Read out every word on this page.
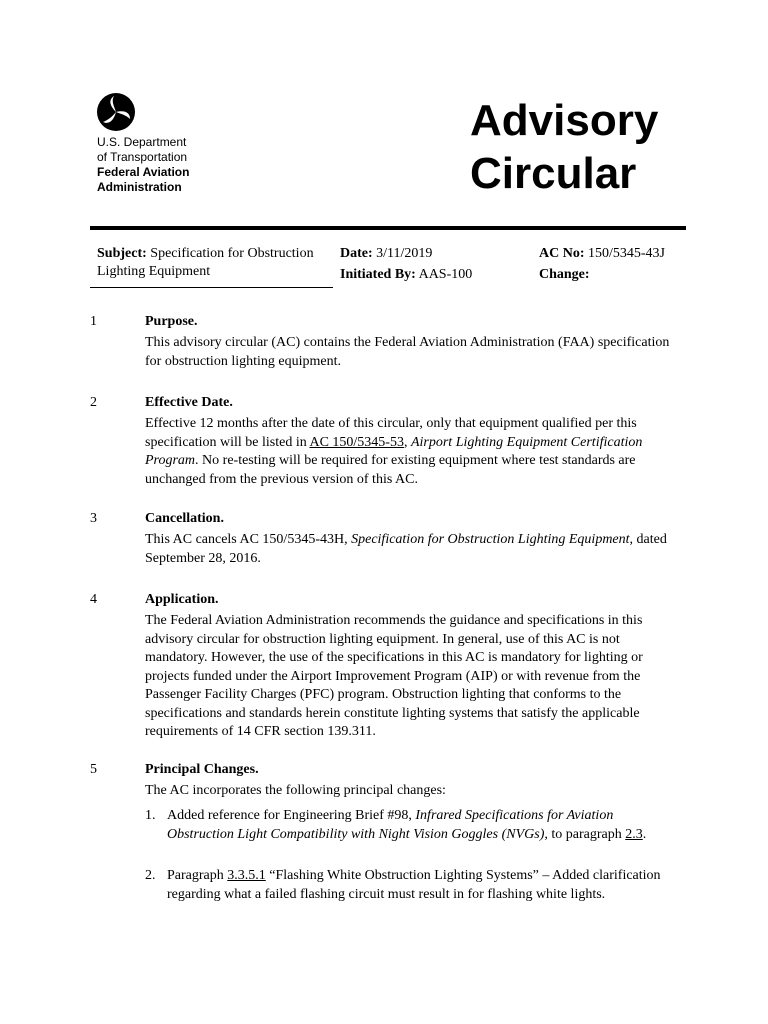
U.S. Department
of Transportation
Federal Aviation
Administration
Advisory
Circular
Subject: Specification for Obstruction Lighting Equipment
Date: 3/11/2019
Initiated By: AAS-100
AC No: 150/5345-43J
Change:
1	Purpose.
This advisory circular (AC) contains the Federal Aviation Administration (FAA) specification for obstruction lighting equipment.
2	Effective Date.
Effective 12 months after the date of this circular, only that equipment qualified per this specification will be listed in AC 150/5345-53, Airport Lighting Equipment Certification Program. No re-testing will be required for existing equipment where test standards are unchanged from the previous version of this AC.
3	Cancellation.
This AC cancels AC 150/5345-43H, Specification for Obstruction Lighting Equipment, dated September 28, 2016.
4	Application.
The Federal Aviation Administration recommends the guidance and specifications in this advisory circular for obstruction lighting equipment. In general, use of this AC is not mandatory. However, the use of the specifications in this AC is mandatory for lighting or projects funded under the Airport Improvement Program (AIP) or with revenue from the Passenger Facility Charges (PFC) program. Obstruction lighting that conforms to the specifications and standards herein constitute lighting systems that satisfy the applicable requirements of 14 CFR section 139.311.
5	Principal Changes.
The AC incorporates the following principal changes:
1. Added reference for Engineering Brief #98, Infrared Specifications for Aviation Obstruction Light Compatibility with Night Vision Goggles (NVGs), to paragraph 2.3.
2. Paragraph 3.3.5.1 “Flashing White Obstruction Lighting Systems” – Added clarification regarding what a failed flashing circuit must result in for flashing white lights.
